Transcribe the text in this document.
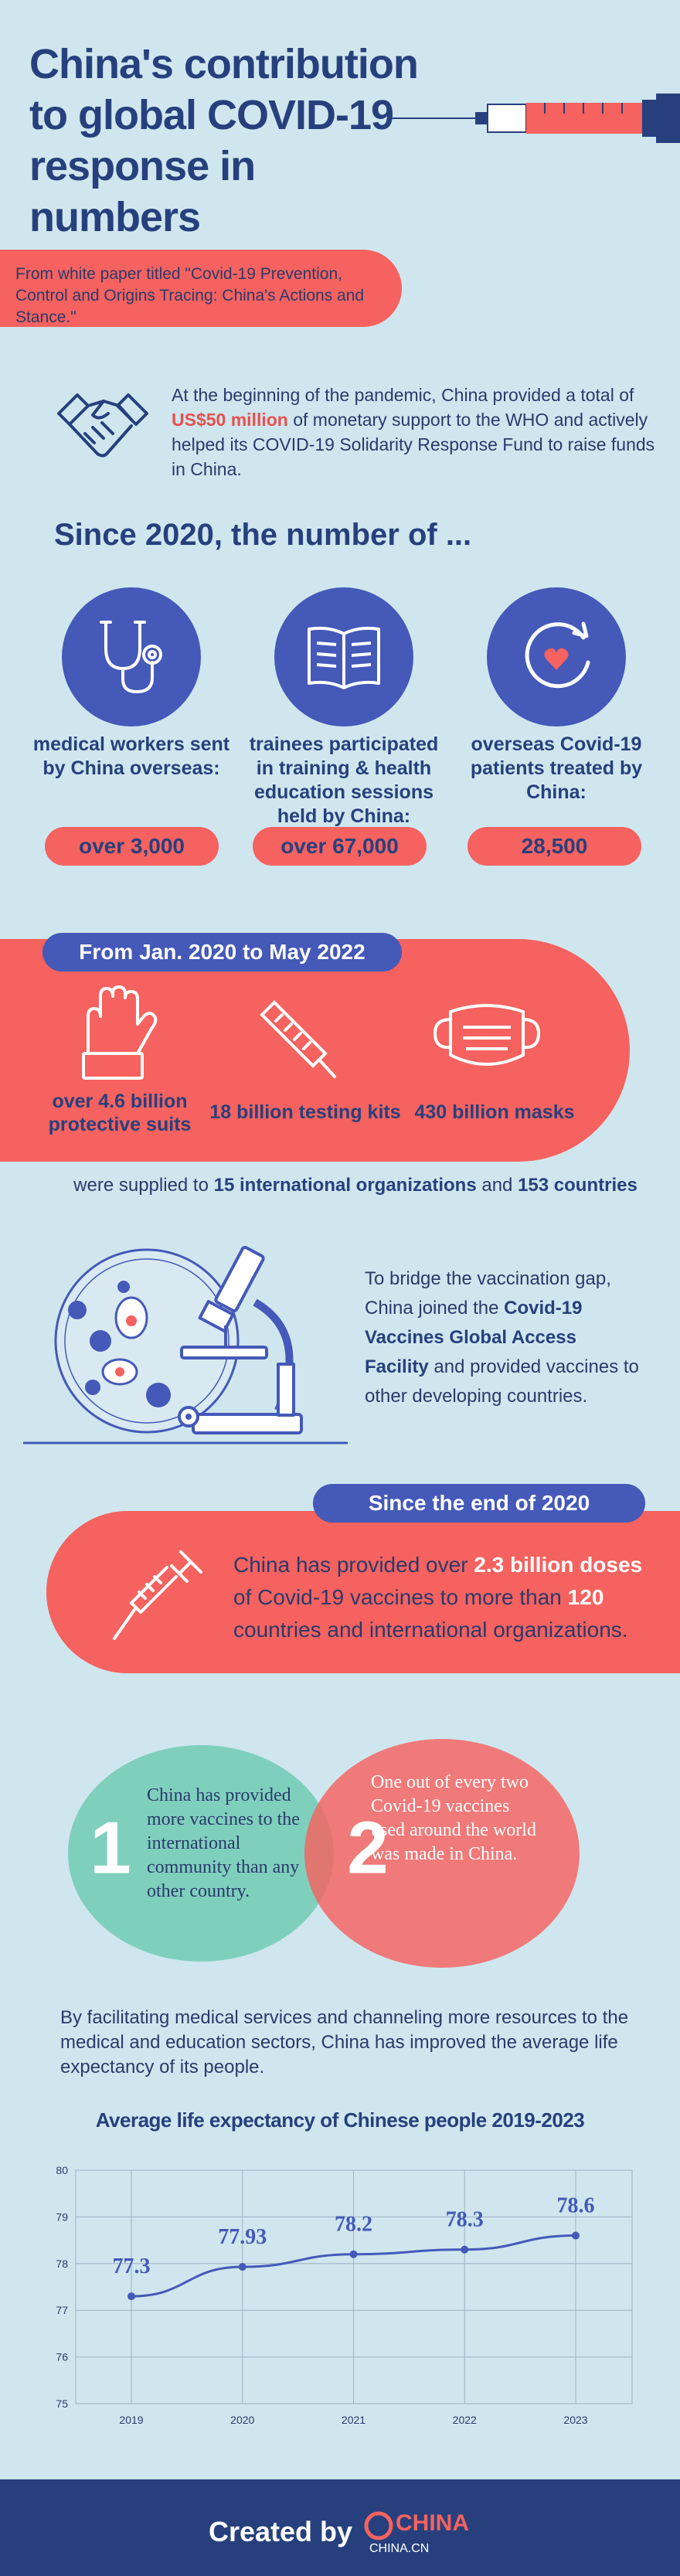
China's contribution to global COVID-19 response in numbers
From white paper titled "Covid-19 Prevention, Control and Origins Tracing: China's Actions and Stance."
At the beginning of the pandemic, China provided a total of US$50 million of monetary support to the WHO and actively helped its COVID-19 Solidarity Response Fund to raise funds in China.
Since 2020, the number of ...
medical workers sent by China overseas:
trainees participated in training & health education sessions held by China:
overseas Covid-19 patients treated by China:
over 3,000	over 67,000	28,500
From Jan. 2020 to May 2022
over 4.6 billion protective suits
18 billion testing kits 430 billion masks
were supplied to 15 international organizations and 153 countries
To bridge the vaccination gap, China joined the Covid-19 Vaccines Global Access Facility and provided vaccines to other developing countries.
Since the end of 2020
China has provided over 2.3 billion doses of Covid-19 vaccines to more than 120 countries and international organizations.
1	2
China has provided more vaccines to the international community than any other country.
One out of every two Covid-19 vaccines used around the world was made in China.
By facilitating medical services and channeling more resources to the medical and education sectors, China has improved the average life expectancy of its people.
Average life expectancy of Chinese people 2019-2023
75
76
77
78
79
80
2019	2020	2021	2022	2023
77.3
77.93
78.2	78.3
78.6
Created by CHINA
CHINA.CN
